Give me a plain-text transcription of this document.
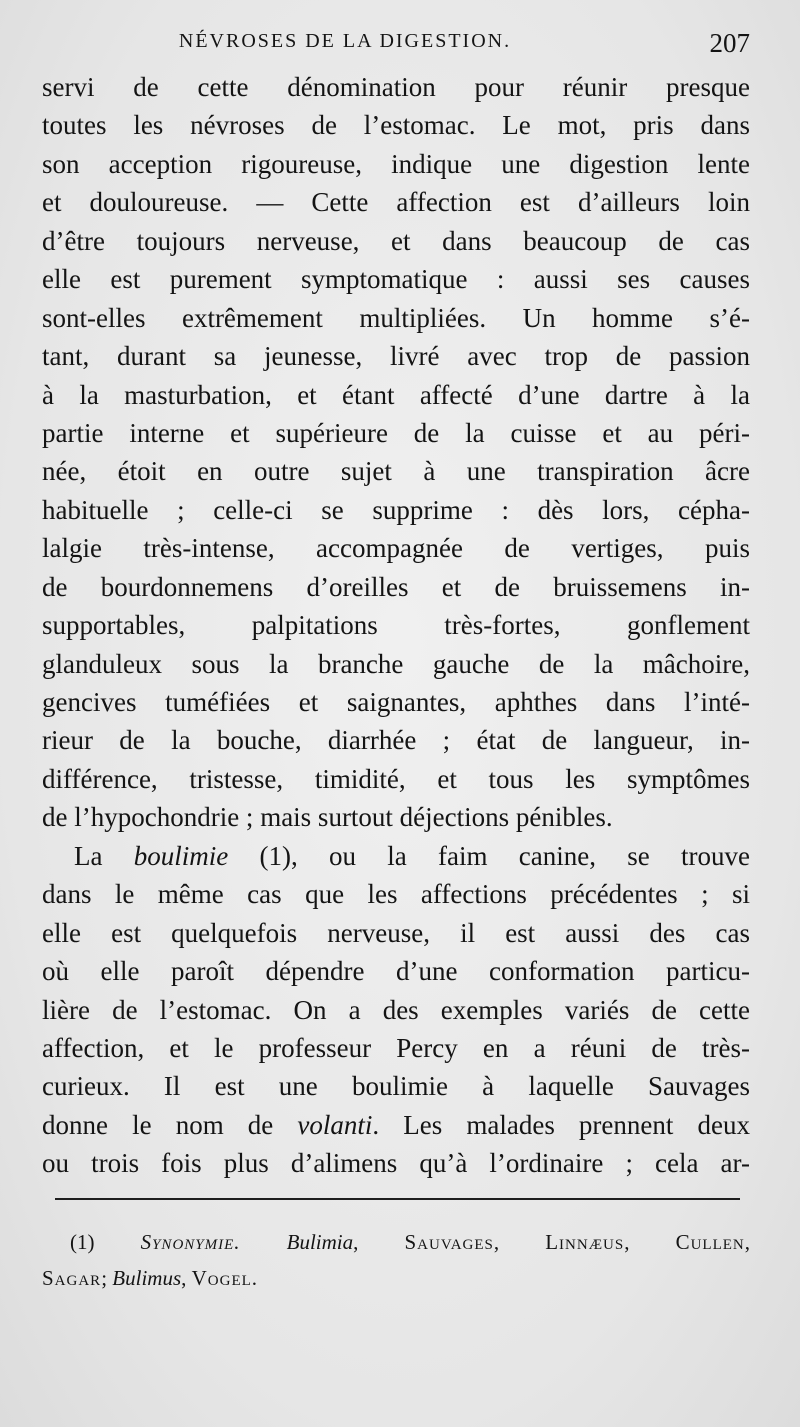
NÉVROSES DE LA DIGESTION.	207
servi de cette dénomination pour réunir presque
toutes les névroses de l’estomac. Le mot, pris dans
son acception rigoureuse, indique une digestion lente
et douloureuse. — Cette affection est d’ailleurs loin
d’être toujours nerveuse, et dans beaucoup de cas
elle est purement symptomatique : aussi ses causes
sont-elles extrêmement multipliées. Un homme s’é-
tant, durant sa jeunesse, livré avec trop de passion
à la masturbation, et étant affecté d’une dartre à la
partie interne et supérieure de la cuisse et au péri-
née, étoit en outre sujet à une transpiration âcre
habituelle ; celle-ci se supprime : dès lors, cépha-
lalgie très-intense, accompagnée de vertiges, puis
de bourdonnemens d’oreilles et de bruissemens in-
supportables, palpitations très-fortes, gonflement
glanduleux sous la branche gauche de la mâchoire,
gencives tuméfiées et saignantes, aphthes dans l’inté-
rieur de la bouche, diarrhée ; état de langueur, in-
différence, tristesse, timidité, et tous les symptômes
de l’hypochondrie ; mais surtout déjections pénibles.
La boulimie (1), ou la faim canine, se trouve
dans le même cas que les affections précédentes ; si
elle est quelquefois nerveuse, il est aussi des cas
où elle paroît dépendre d’une conformation particu-
lière de l’estomac. On a des exemples variés de cette
affection, et le professeur Percy en a réuni de très-
curieux. Il est une boulimie à laquelle Sauvages
donne le nom de volanti. Les malades prennent deux
ou trois fois plus d’alimens qu’à l’ordinaire ; cela ar-
(1) Synonymie. Bulimia, Sauvages, Linnæus, Cullen,
Sagar; Bulimus, Vogel.
